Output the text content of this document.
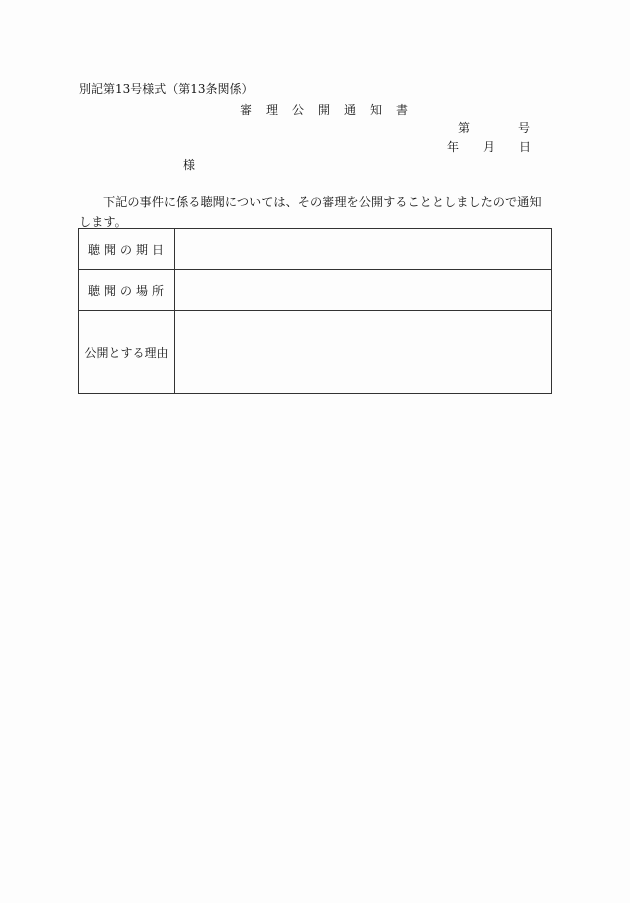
別記第13号様式（第13条関係）
審理公開通知書
第	号
年 月 日
様
下記の事件に係る聴聞については、その審理を公開することとしましたので通知します。
聴聞の期日	
聴聞の場所	
公開とする理由	
